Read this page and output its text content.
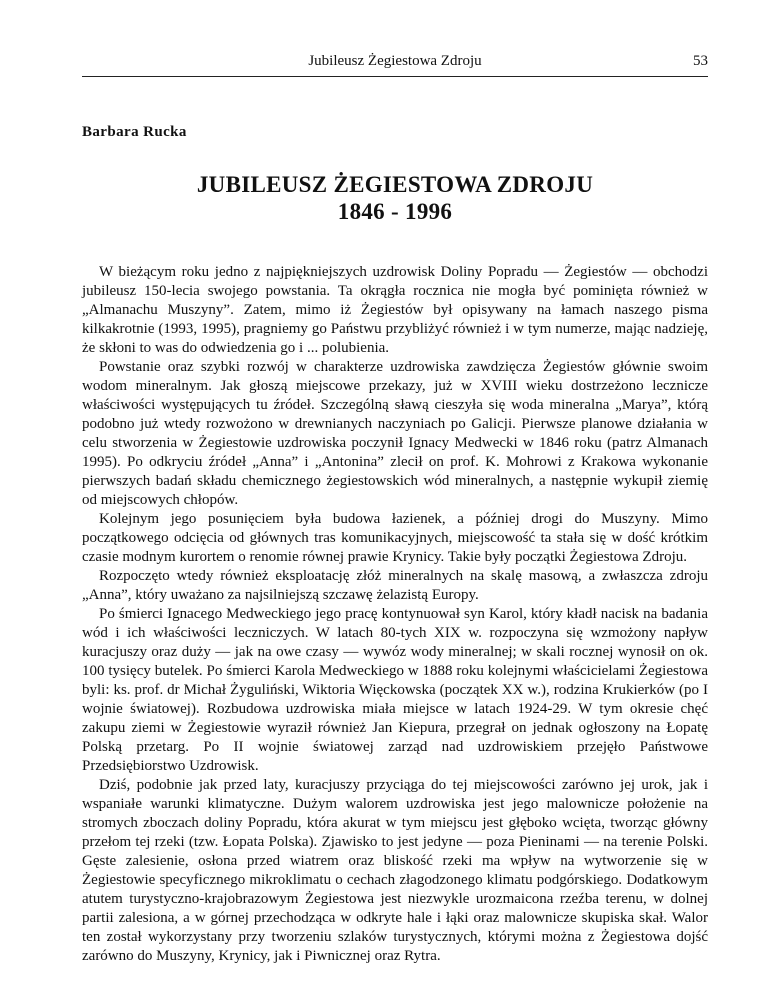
Jubileusz Żegiestowa Zdroju	53
Barbara Rucka
JUBILEUSZ ŻEGIESTOWA ZDROJU
1846 - 1996

W bieżącym roku jedno z najpiękniejszych uzdrowisk Doliny Popradu — Żegiestów — obchodzi jubileusz 150-lecia swojego powstania. Ta okrągła rocznica nie mogła być pominięta również w „Almanachu Muszyny”. Zatem, mimo iż Żegiestów był opisywany na łamach naszego pisma kilkakrotnie (1993, 1995), pragniemy go Państwu przybliżyć również i w tym numerze, mając nadzieję, że skłoni to was do odwiedzenia go i ... polubienia.

Powstanie oraz szybki rozwój w charakterze uzdrowiska zawdzięcza Żegiestów głównie swoim wodom mineralnym. Jak głoszą miejscowe przekazy, już w XVIII wieku dostrzeżono lecznicze właściwości występujących tu źródeł. Szczególną sławą cieszyła się woda mineralna „Marya”, którą podobno już wtedy rozwożono w drewnianych naczyniach po Galicji. Pierwsze planowe działania w celu stworzenia w Żegiestowie uzdrowiska poczynił Ignacy Medwecki w 1846 roku (patrz Almanach 1995). Po odkryciu źródeł „Anna” i „Antonina” zlecił on prof. K. Mohrowi z Krakowa wykonanie pierwszych badań składu chemicznego żegiestowskich wód mineralnych, a następnie wykupił ziemię od miejscowych chłopów.

Kolejnym jego posunięciem była budowa łazienek, a później drogi do Muszyny. Mimo początkowego odcięcia od głównych tras komunikacyjnych, miejscowość ta stała się w dość krótkim czasie modnym kurortem o renomie równej prawie Krynicy. Takie były początki Żegiestowa Zdroju.

Rozpoczęto wtedy również eksploatację złóż mineralnych na skalę masową, a zwłaszcza zdroju „Anna”, który uważano za najsilniejszą szczawę żelazistą Europy.

Po śmierci Ignacego Medweckiego jego pracę kontynuował syn Karol, który kładł nacisk na badania wód i ich właściwości leczniczych. W latach 80-tych XIX w. rozpoczyna się wzmożony napływ kuracjuszy oraz duży — jak na owe czasy — wywóz wody mineralnej; w skali rocznej wynosił on ok. 100 tysięcy butelek. Po śmierci Karola Medweckiego w 1888 roku kolejnymi właścicielami Żegiestowa byli: ks. prof. dr Michał Żyguliński, Wiktoria Więckowska (początek XX w.), rodzina Krukierków (po I wojnie światowej). Rozbudowa uzdrowiska miała miejsce w latach 1924-29. W tym okresie chęć zakupu ziemi w Żegiestowie wyraził również Jan Kiepura, przegrał on jednak ogłoszony na Łopatę Polską przetarg. Po II wojnie światowej zarząd nad uzdrowiskiem przejęło Państwowe Przedsiębiorstwo Uzdrowisk.

Dziś, podobnie jak przed laty, kuracjuszy przyciąga do tej miejscowości zarówno jej urok, jak i wspaniałe warunki klimatyczne. Dużym walorem uzdrowiska jest jego malownicze położenie na stromych zboczach doliny Popradu, która akurat w tym miejscu jest głęboko wcięta, tworząc główny przełom tej rzeki (tzw. Łopata Polska). Zjawisko to jest jedyne — poza Pieninami — na terenie Polski. Gęste zalesienie, osłona przed wiatrem oraz bliskość rzeki ma wpływ na wytworzenie się w Żegiestowie specyficznego mikroklimatu o cechach złagodzonego klimatu podgórskiego. Dodatkowym atutem turystyczno-krajobrazowym Żegiestowa jest niezwykle urozmaicona rzeźba terenu, w dolnej partii zalesiona, a w górnej przechodząca w odkryte hale i łąki oraz malownicze skupiska skał. Walor ten został wykorzystany przy tworzeniu szlaków turystycznych, którymi można z Żegiestowa dojść zarówno do Muszyny, Krynicy, jak i Piwnicznej oraz Rytra.
